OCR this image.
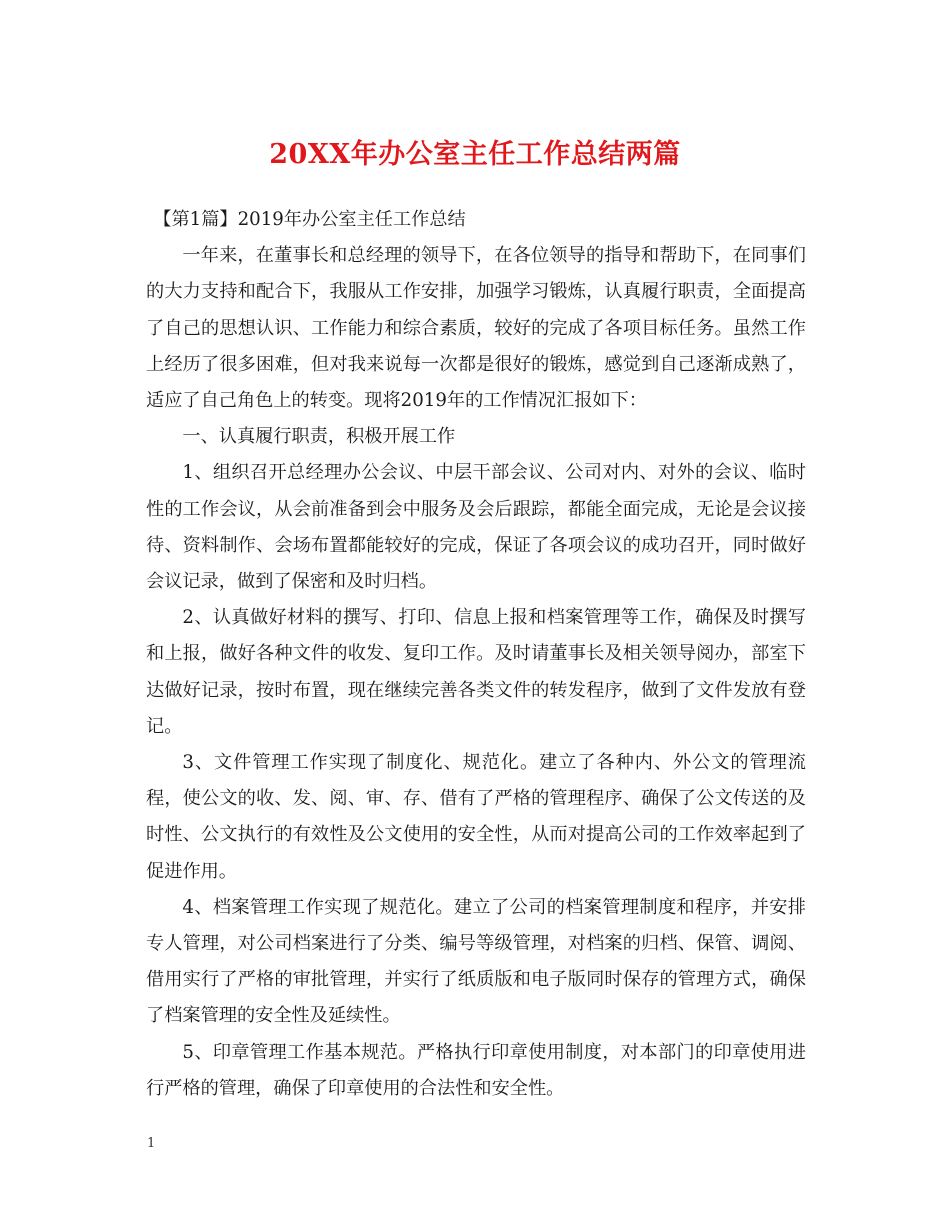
20XX年办公室主任工作总结两篇

【第1篇】2019年办公室主任工作总结

一年来，在董事长和总经理的领导下，在各位领导的指导和帮助下，在同事们的大力支持和配合下，我服从工作安排，加强学习锻炼，认真履行职责，全面提高了自己的思想认识、工作能力和综合素质，较好的完成了各项目标任务。虽然工作上经历了很多困难，但对我来说每一次都是很好的锻炼，感觉到自己逐渐成熟了，适应了自己角色上的转变。现将2019年的工作情况汇报如下：

一、认真履行职责，积极开展工作

1、组织召开总经理办公会议、中层干部会议、公司对内、对外的会议、临时性的工作会议，从会前准备到会中服务及会后跟踪，都能全面完成，无论是会议接待、资料制作、会场布置都能较好的完成，保证了各项会议的成功召开，同时做好会议记录，做到了保密和及时归档。

2、认真做好材料的撰写、打印、信息上报和档案管理等工作，确保及时撰写和上报，做好各种文件的收发、复印工作。及时请董事长及相关领导阅办，部室下达做好记录，按时布置，现在继续完善各类文件的转发程序，做到了文件发放有登记。

3、文件管理工作实现了制度化、规范化。建立了各种内、外公文的管理流程，使公文的收、发、阅、审、存、借有了严格的管理程序、确保了公文传送的及时性、公文执行的有效性及公文使用的安全性，从而对提高公司的工作效率起到了促进作用。

4、档案管理工作实现了规范化。建立了公司的档案管理制度和程序，并安排专人管理，对公司档案进行了分类、编号等级管理，对档案的归档、保管、调阅、借用实行了严格的审批管理，并实行了纸质版和电子版同时保存的管理方式，确保了档案管理的安全性及延续性。

5、印章管理工作基本规范。严格执行印章使用制度，对本部门的印章使用进行严格的管理，确保了印章使用的合法性和安全性。

1
